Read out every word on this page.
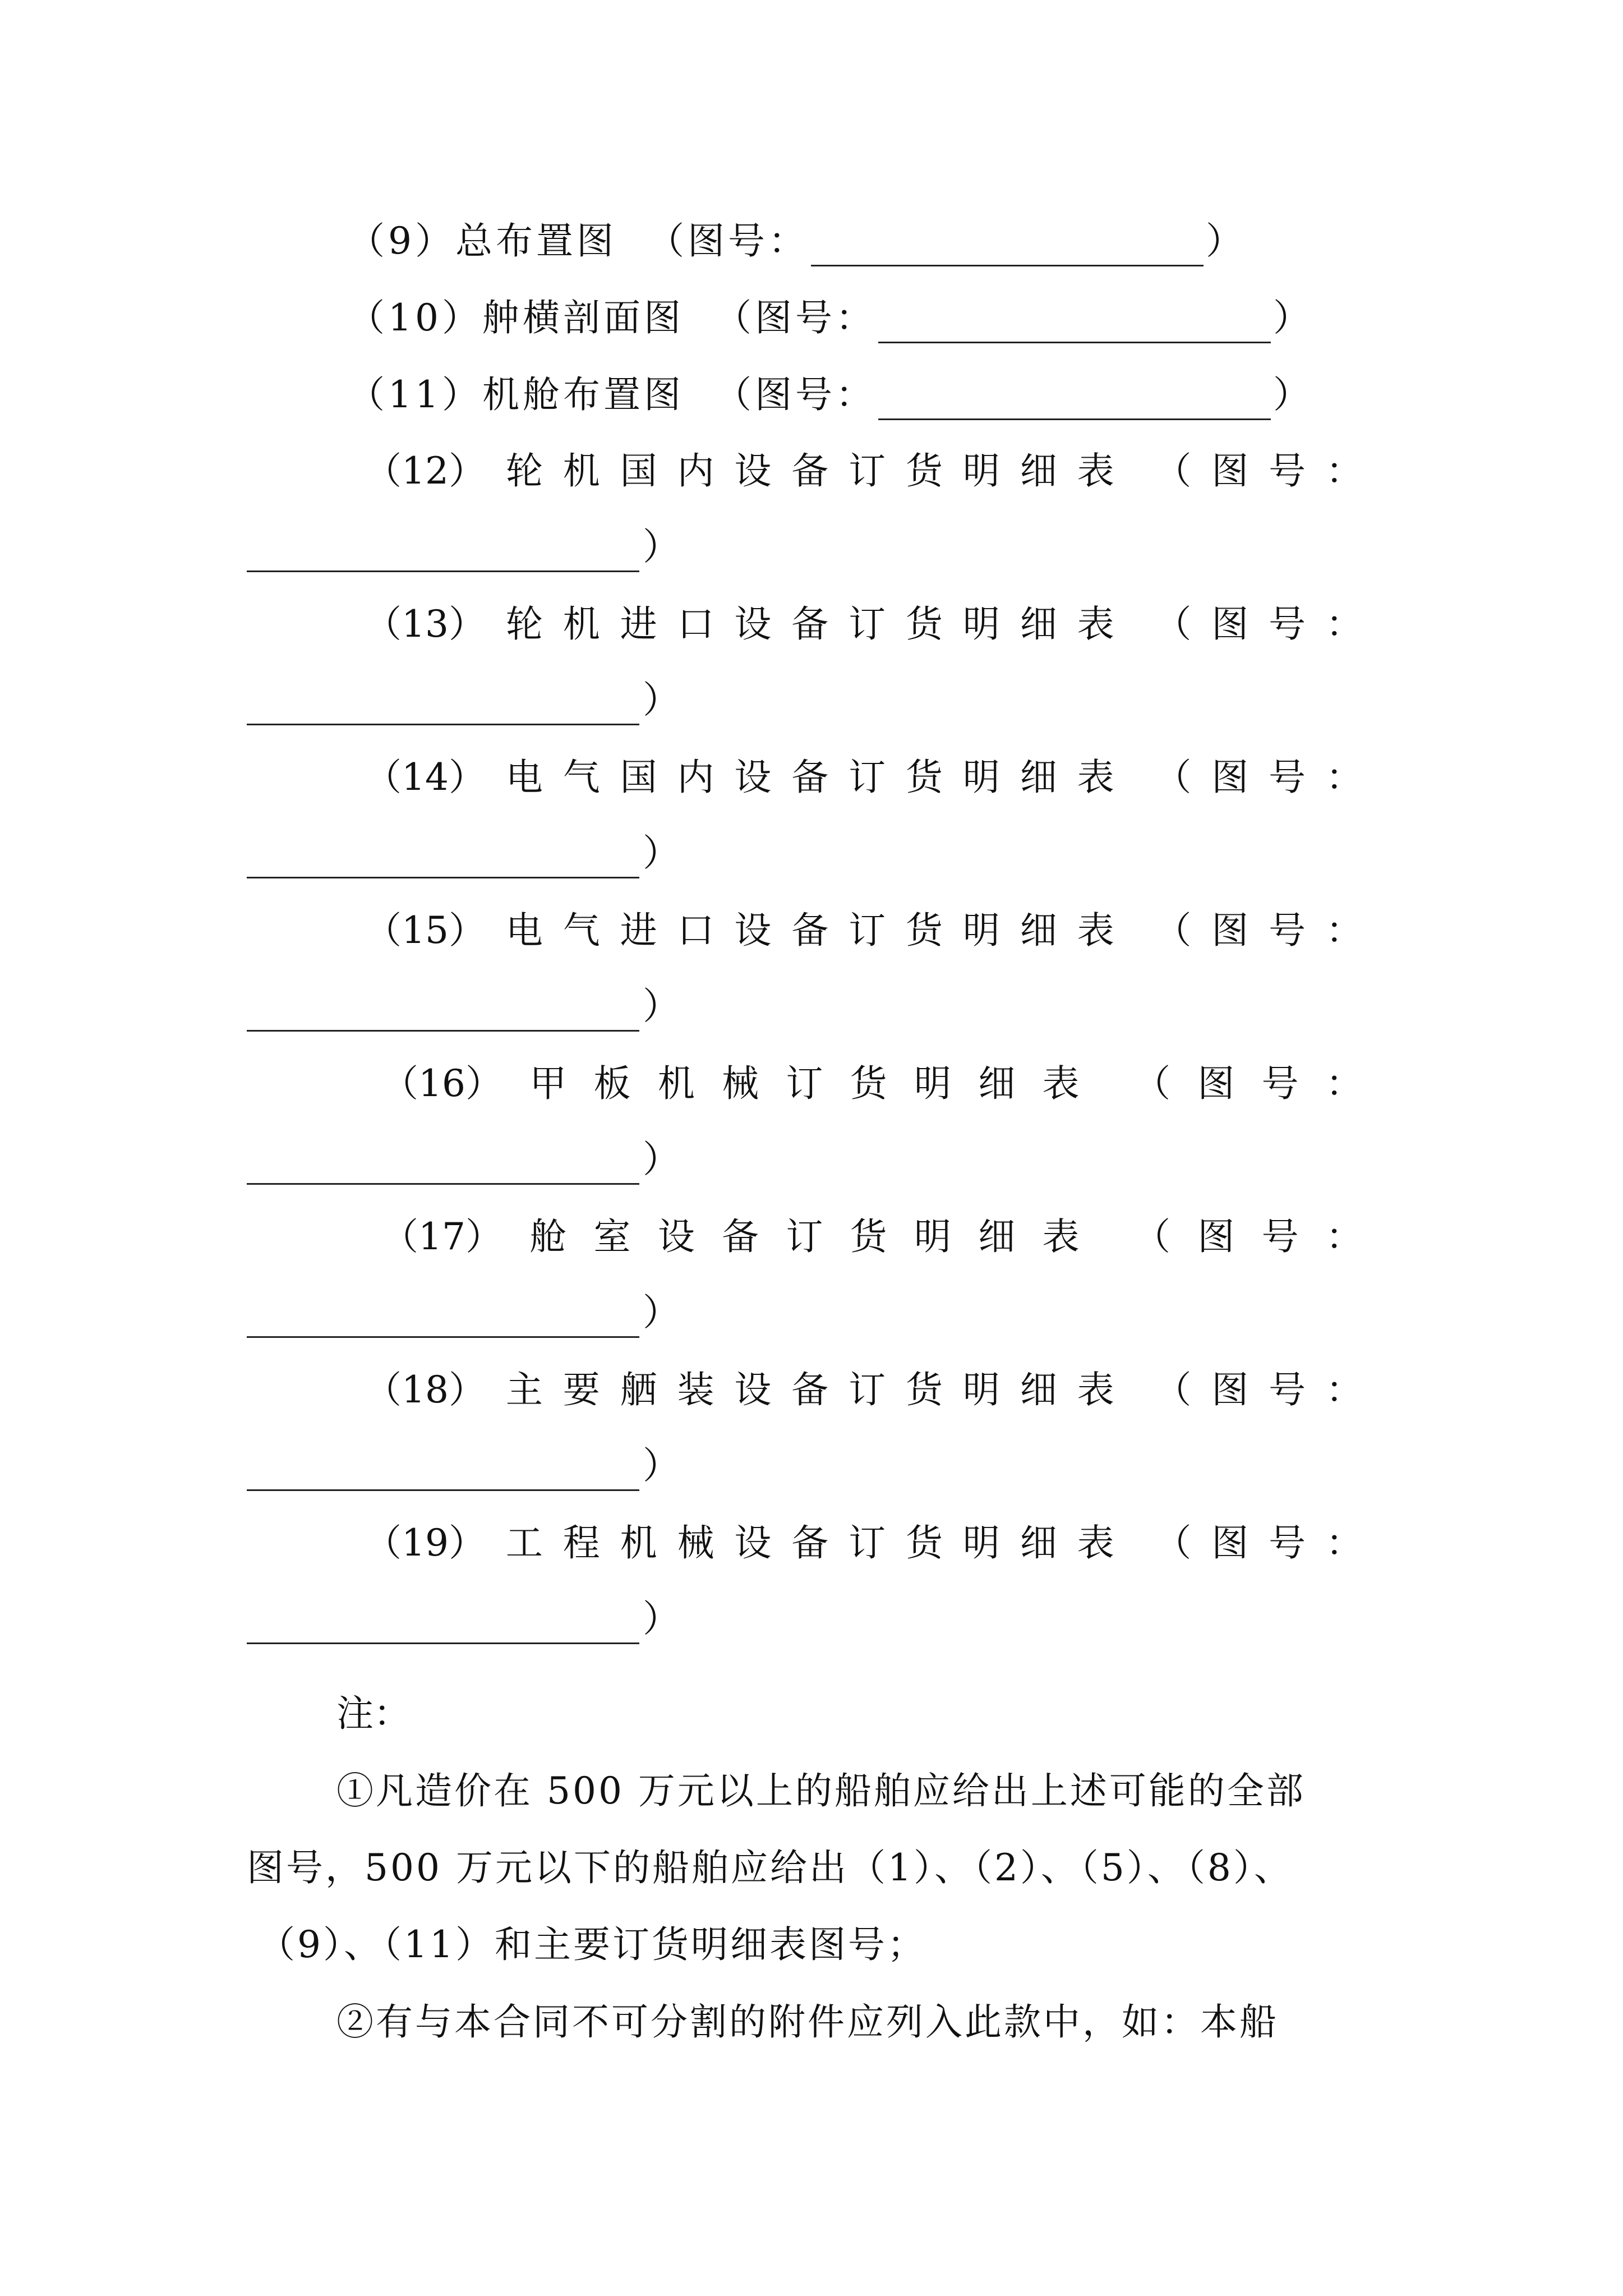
（9）总布置图 （图号：	）
（10）舯横剖面图 （图号：	）
（11）机舱布置图 （图号：	）
（12） 轮 机 国 内 设 备 订 货 明 细 表 （ 图 号 ：
）
（13） 轮 机 进 口 设 备 订 货 明 细 表 （ 图 号 ：
）
（14） 电 气 国 内 设 备 订 货 明 细 表 （ 图 号 ：
）
（15） 电 气 进 口 设 备 订 货 明 细 表 （ 图 号 ：
）
（16） 甲 板 机 械 订 货 明 细 表 （ 图 号 ：
）
（17） 舱 室 设 备 订 货 明 细 表 （ 图 号 ：
）
（18） 主 要 舾 装 设 备 订 货 明 细 表 （ 图 号 ：
）
（19） 工 程 机 械 设 备 订 货 明 细 表 （ 图 号 ：
）
注：
①凡造价在 500 万元以上的船舶应给出上述可能的全部
图号，500 万元以下的船舶应给出（1）、（2）、（5）、（8）、
（9）、（11）和主要订货明细表图号；
②有与本合同不可分割的附件应列入此款中，如：本船
